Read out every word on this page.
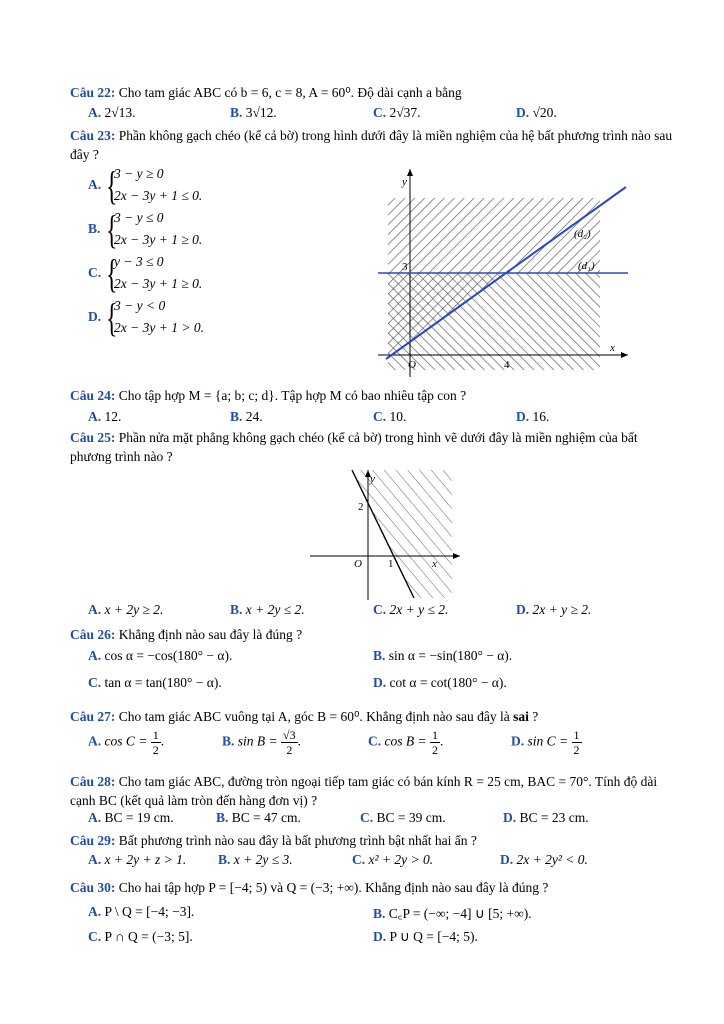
Câu 22: Cho tam giác ABC có b = 6, c = 8, A = 60⁰. Độ dài cạnh a bằng
A. 2√13.	B. 3√12.	C. 2√37.	D. √20.
Câu 23: Phần không gạch chéo (kể cả bờ) trong hình dưới đây là miền nghiệm của hệ bất phương trình nào sau đây ?
A. {
3 − y ≥ 0
2x − 3y + 1 ≤ 0.
B. {
3 − y ≤ 0
2x − 3y + 1 ≥ 0.
C. {
y − 3 ≤ 0
2x − 3y + 1 ≥ 0.
D. {
3 − y < 0
2x − 3y + 1 > 0.
(d₂)
(d₁)
y
x
O	4
3
Câu 24: Cho tập hợp M = {a; b; c; d}. Tập hợp M có bao nhiêu tập con ?
A. 12.	B. 24.	C. 10.	D. 16.
Câu 25: Phần nửa mặt phẳng không gạch chéo (kể cả bờ) trong hình vẽ dưới đây là miền nghiệm của bất phương trình nào ?
y
x
O 1
2
A. x + 2y ≥ 2.	B. x + 2y ≤ 2.	C. 2x + y ≤ 2.	D. 2x + y ≥ 2.
Câu 26: Khẳng định nào sau đây là đúng ?
A. cos α = −cos(180° − α).	B. sin α = −sin(180° − α).
C. tan α = tan(180° − α).	D. cot α = cot(180° − α).
Câu 27: Cho tam giác ABC vuông tại A, góc B = 60⁰. Khẳng định nào sau đây là sai ?
A. $\cos C = \frac{1}{2}$ .	B. $\sin B = \frac{√3}{2}$ .	C. $\cos B = \frac{1}{2}$ .	D. $\sin C = \frac{1}{2}$
Câu 28: Cho tam giác ABC, đường tròn ngoại tiếp tam giác có bán kính R = 25 cm, BAC = 70°. Tính độ dài cạnh BC (kết quả làm tròn đến hàng đơn vị) ?
A. BC = 19 cm.	B. BC = 47 cm.	C. BC = 39 cm.	D. BC = 23 cm.
Câu 29: Bất phương trình nào sau đây là bất phương trình bật nhất hai ẩn ?
A. x + 2y + z > 1. B. x + 2y ≤ 3.	C. x² + 2y > 0.	D. 2x + 2y² < 0.
Câu 30: Cho hai tập hợp P = [−4; 5) và Q = (−3; +∞). Khẳng định nào sau đây là đúng ?
A. P \ Q = [−4; −3].	B. C꜀P = (−∞; −4] ∪ [5; +∞).
C. P ∩ Q = (−3; 5].	D. P ∪ Q = [−4; 5).
